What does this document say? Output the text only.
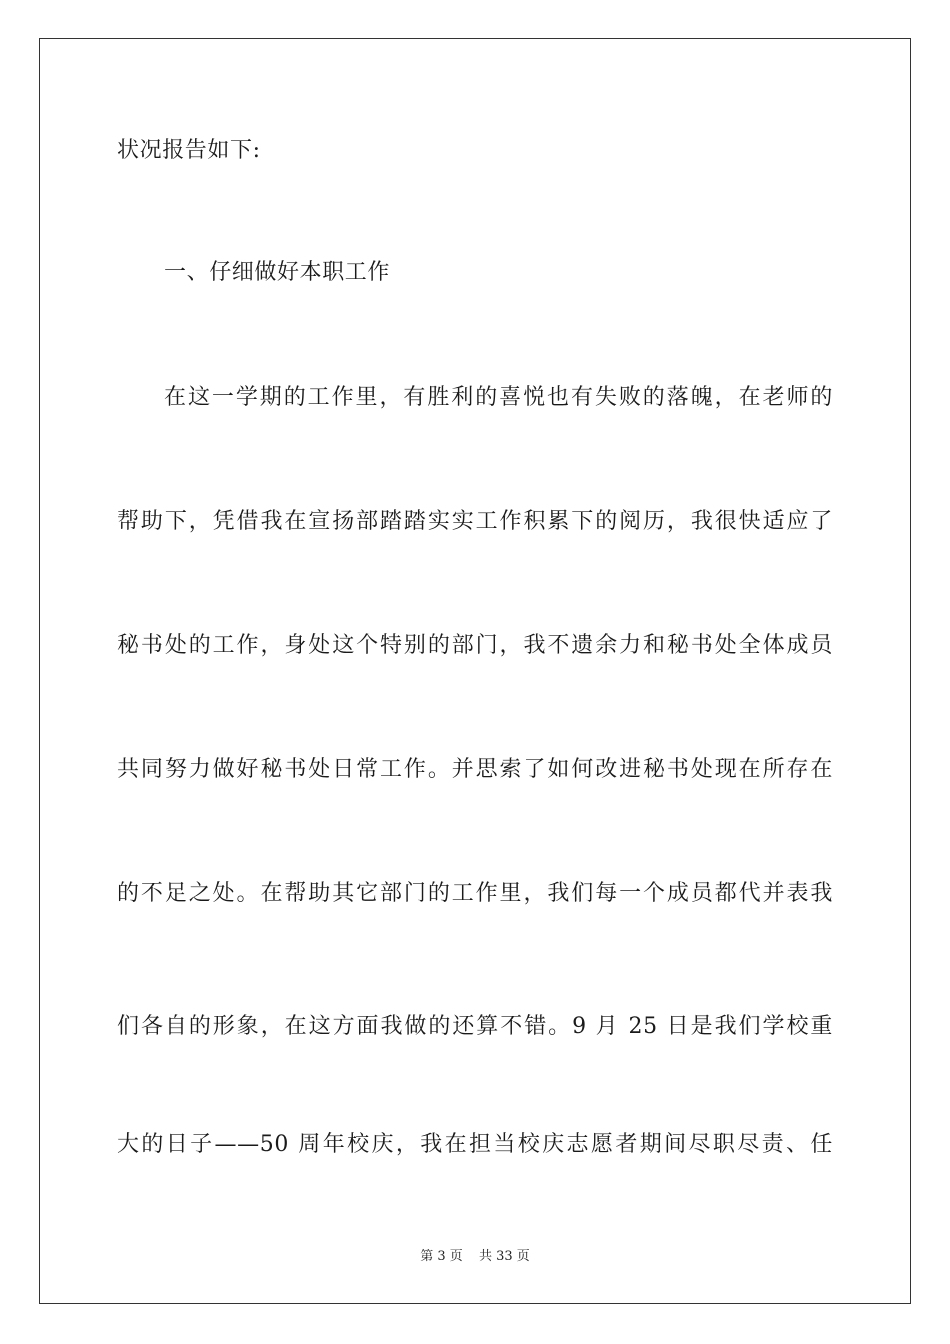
状况报告如下:
一、仔细做好本职工作
在这一学期的工作里，有胜利的喜悦也有失败的落魄，在老师的
帮助下，凭借我在宣扬部踏踏实实工作积累下的阅历，我很快适应了
秘书处的工作，身处这个特别的部门，我不遗余力和秘书处全体成员
共同努力做好秘书处日常工作。并思索了如何改进秘书处现在所存在
的不足之处。在帮助其它部门的工作里，我们每一个成员都代并表我
们各自的形象，在这方面我做的还算不错。9 月 25 日是我们学校重
大的日子——50 周年校庆，我在担当校庆志愿者期间尽职尽责、任
第 3 页 共 33 页
